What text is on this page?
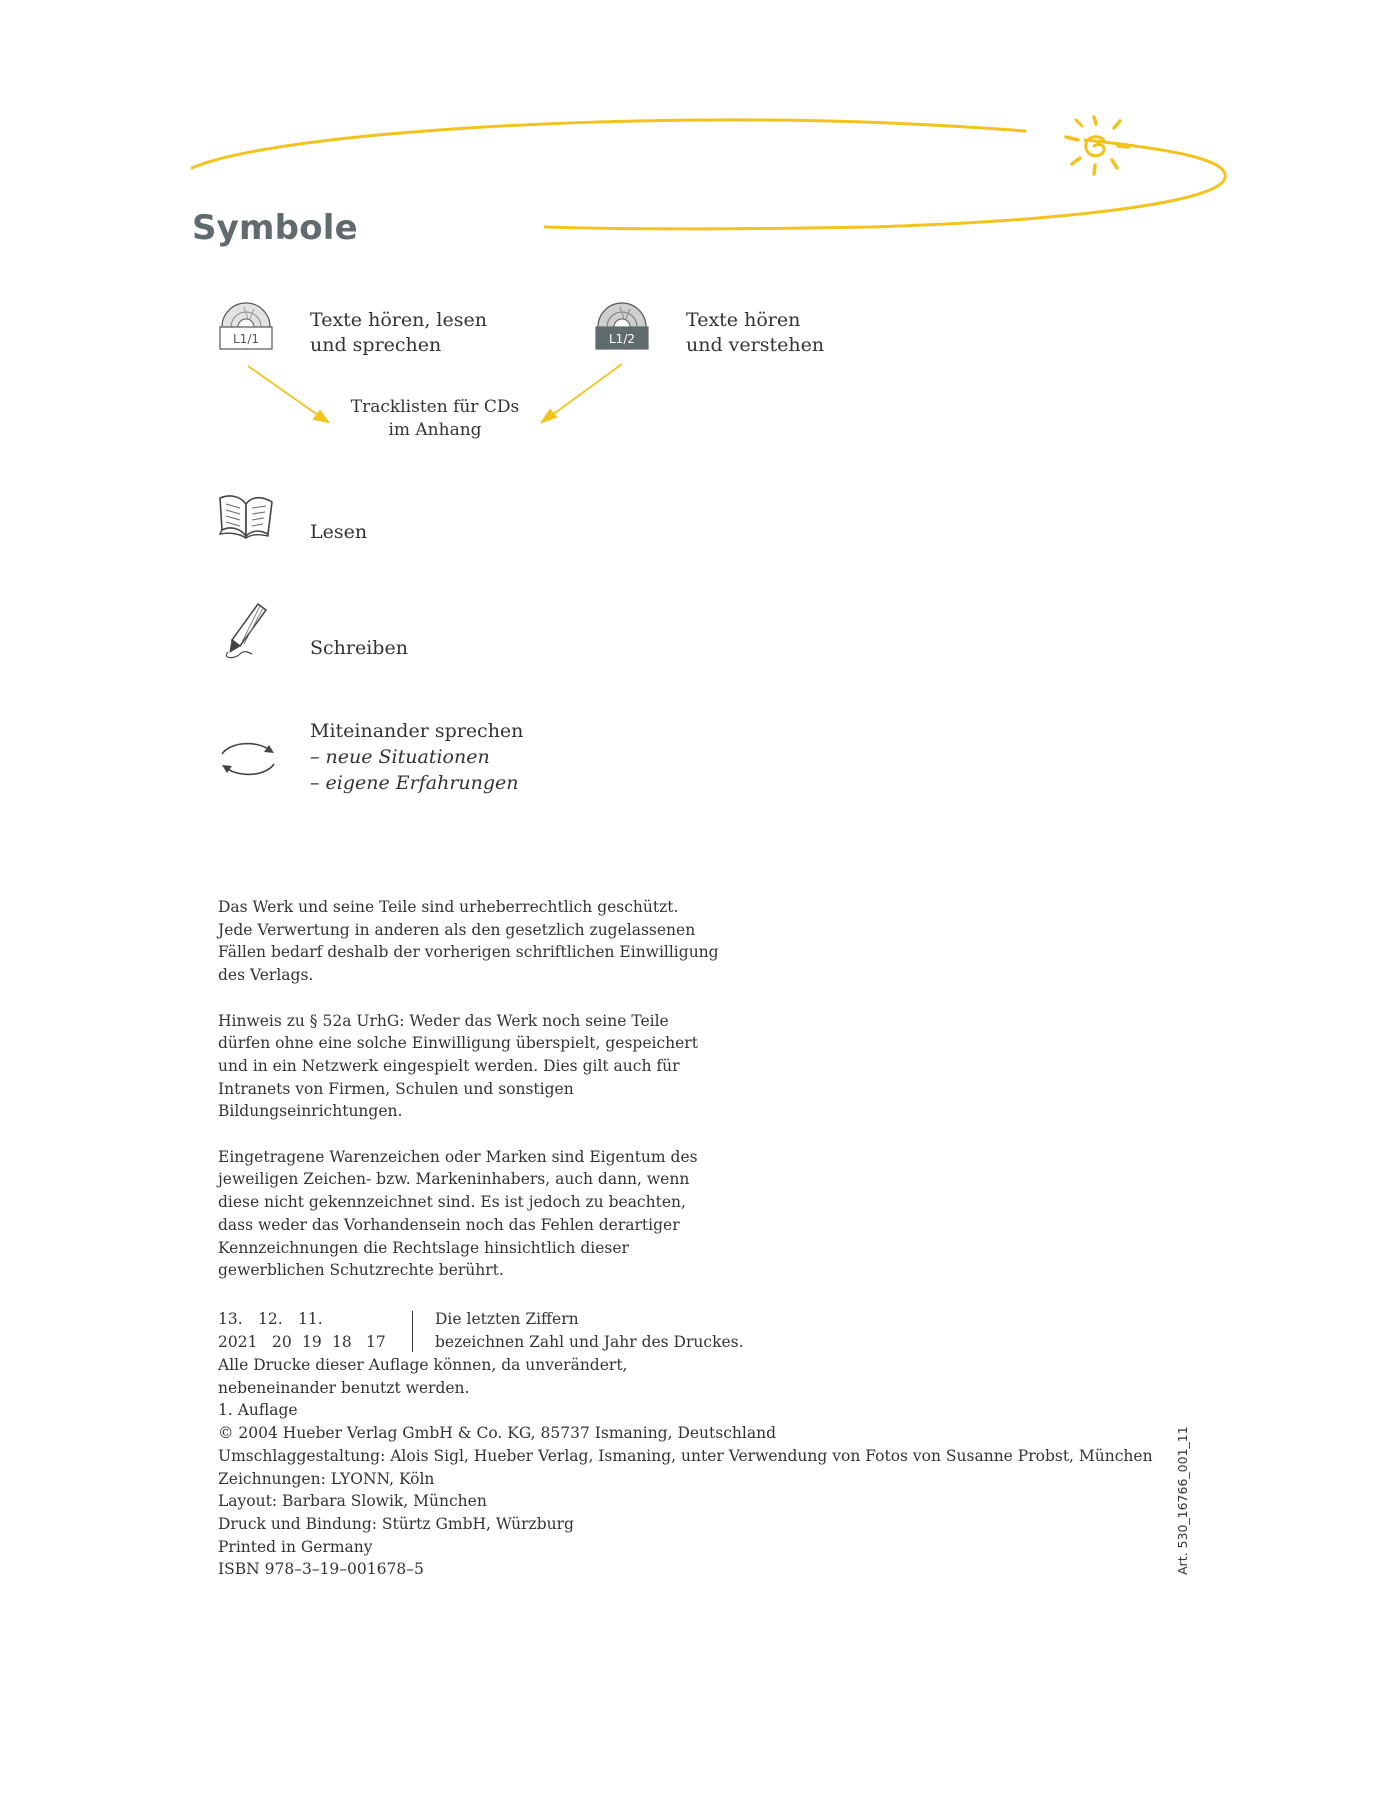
Symbole
L1/1
Texte hören, lesen
und sprechen	L1/2
Texte hören
und verstehen
Tracklisten für CDs
im Anhang
Lesen
Schreiben
Miteinander sprechen
– neue Situationen
– eigene Erfahrungen
Das Werk und seine Teile sind urheberrechtlich geschützt.
Jede Verwertung in anderen als den gesetzlich zugelassenen
Fällen bedarf deshalb der vorherigen schriftlichen Einwilligung
des Verlags.
Hinweis zu § 52a UrhG: Weder das Werk noch seine Teile
dürfen ohne eine solche Einwilligung überspielt, gespeichert
und in ein Netzwerk eingespielt werden. Dies gilt auch für
Intranets von Firmen, Schulen und sonstigen
Bildungseinrichtungen.
Eingetragene Warenzeichen oder Marken sind Eigentum des
jeweiligen Zeichen- bzw. Markeninhabers, auch dann, wenn
diese nicht gekennzeichnet sind. Es ist jedoch zu beachten,
dass weder das Vorhandensein noch das Fehlen derartiger
Kennzeichnungen die Rechtslage hinsichtlich dieser
gewerblichen Schutzrechte berührt.
13. 12. 11.
2021 20 19 18 17
Die letzten Ziffern
bezeichnen Zahl und Jahr des Druckes.
Alle Drucke dieser Auflage können, da unverändert,
nebeneinander benutzt werden.
1. Auflage
© 2004 Hueber Verlag GmbH & Co. KG, 85737 Ismaning, Deutschland
Umschlaggestaltung: Alois Sigl, Hueber Verlag, Ismaning, unter Verwendung von Fotos von Susanne Probst, München
Zeichnungen: LYONN, Köln
Layout: Barbara Slowik, München
Druck und Bindung: Stürtz GmbH, Würzburg
Printed in Germany
ISBN 978–3–19–001678–5	Art. 530_16766_001_11
